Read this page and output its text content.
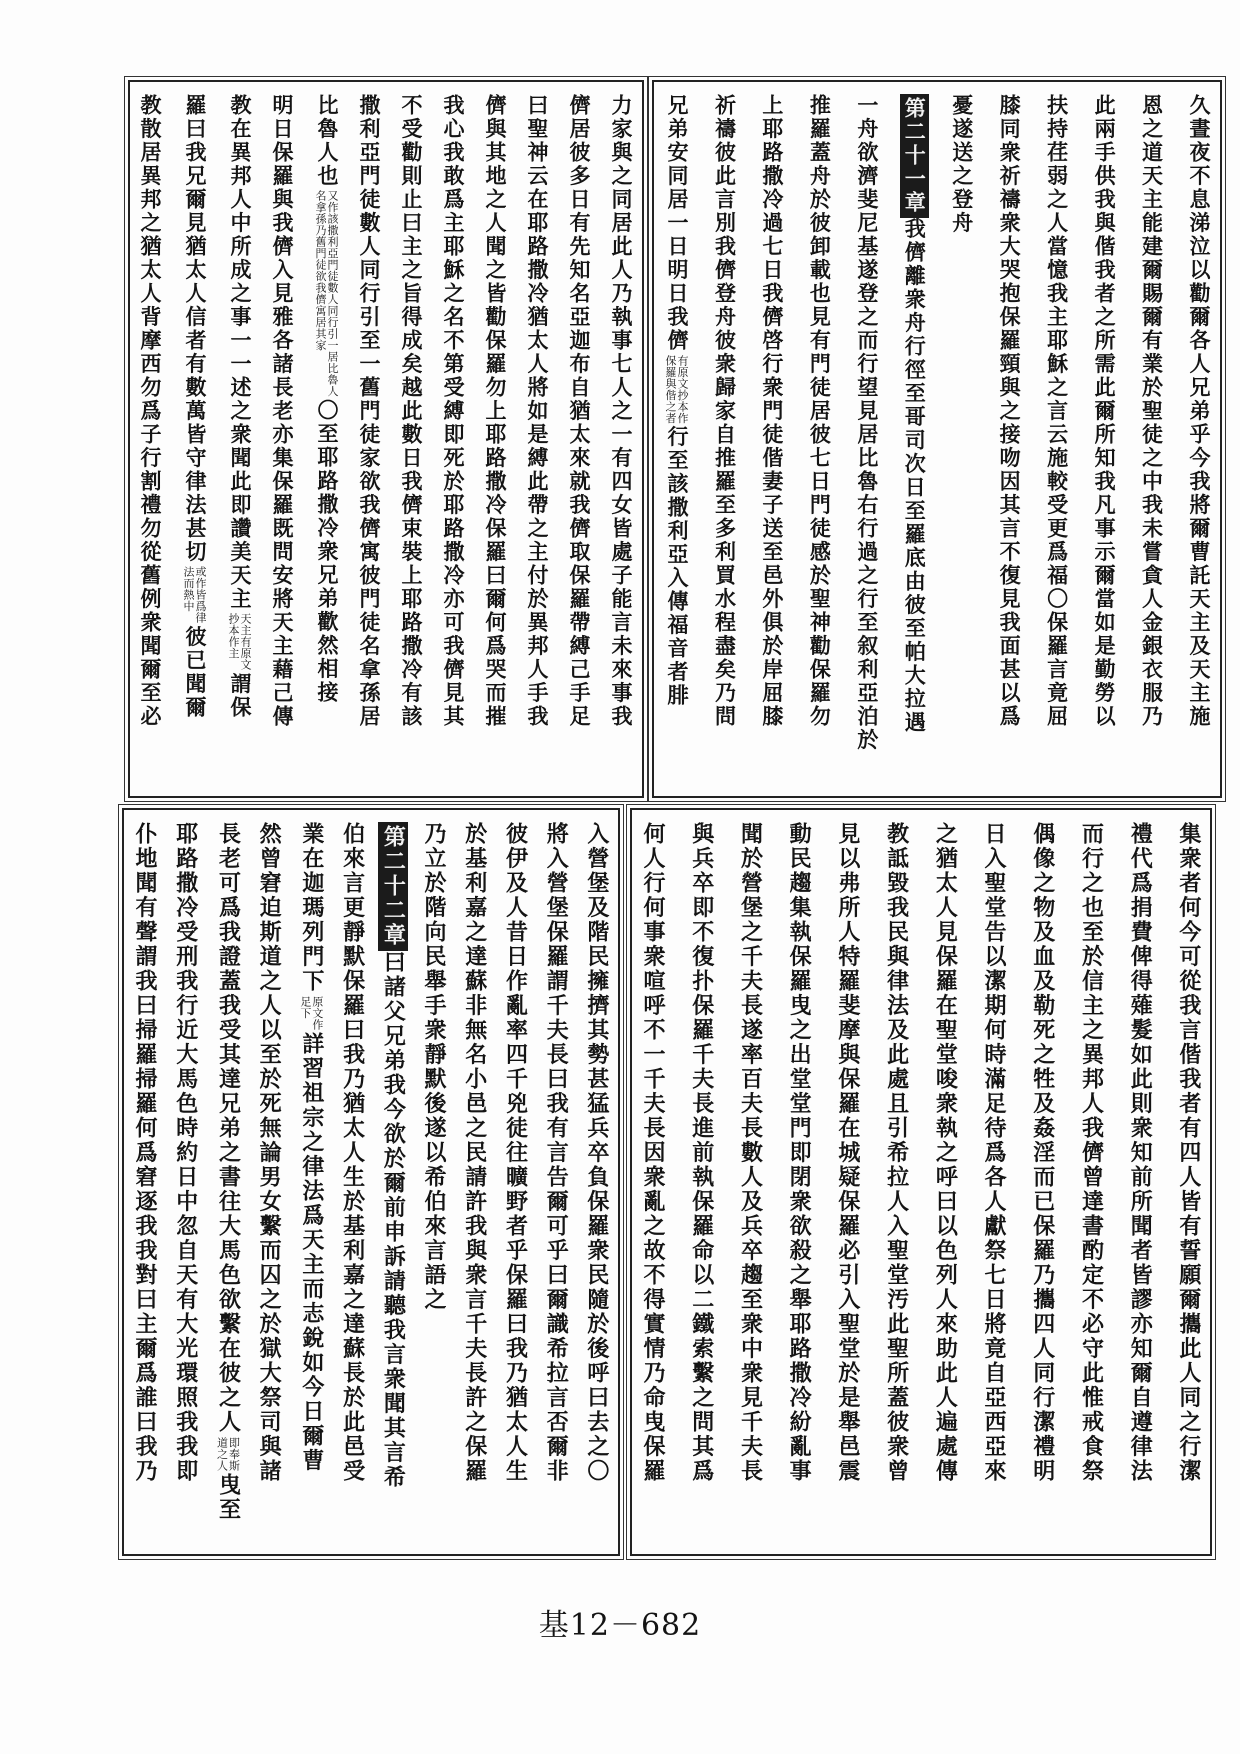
久晝夜不息涕泣以勸爾各人兄弟乎今我將爾曹託天主及天主施
恩之道天主能建爾賜爾有業於聖徒之中我未嘗貪人金銀衣服乃
此兩手供我與偕我者之所需此爾所知我凡事示爾當如是勤勞以
扶持荏弱之人當憶我主耶穌之言云施較受更爲福〇保羅言竟屈
膝同衆祈禱衆大哭抱保羅頸與之接吻因其言不復見我面甚以爲
憂遂送之登舟
第二十一章我儕離衆舟行徑至哥司次日至羅底由彼至帕大拉遇
一舟欲濟斐尼基遂登之而行望見居比魯右行過之行至叙利亞泊於
推羅蓋舟於彼卸載也見有門徒居彼七日門徒感於聖神勸保羅勿
上耶路撒冷過七日我儕啓行衆門徒偕妻子送至邑外俱於岸屈膝
祈禱彼此言別我儕登舟彼衆歸家自推羅至多利買水程盡矣乃問
兄弟安同居一日明日我儕
有原文抄本作
保羅與偕之者
行至該撒利亞入傳福音者腓
力家與之同居此人乃執事七人之一有四女皆處子能言未來事我
儕居彼多日有先知名亞迦布自猶太來就我儕取保羅帶縛己手足
曰聖神云在耶路撒冷猶太人將如是縛此帶之主付於異邦人手我
儕與其地之人聞之皆勸保羅勿上耶路撒冷保羅曰爾何爲哭而摧
我心我敢爲主耶穌之名不第受縛即死於耶路撒冷亦可我儕見其
不受勸則止曰主之旨得成矣越此數日我儕束裝上耶路撒冷有該
撒利亞門徒數人同行引至一舊門徒家欲我儕寓彼門徒名拿孫居
比魯人也
又作該撒利亞門徒數人同行引一居比魯人
名拿孫乃舊門徒欲我儕寓居其家
〇至耶路撒冷衆兄弟歡然相接
明日保羅與我儕入見雅各諸長老亦集保羅既問安將天主藉己傳
教在異邦人中所成之事一一述之衆聞此即讚美天主
天主有原文
抄本作主
謂保
羅曰我兄爾見猶太人信者有數萬皆守律法甚切
或作皆爲律
法而熱中
彼已聞爾
教散居異邦之猶太人背摩西勿爲子行割禮勿從舊例衆聞爾至必
集衆者何今可從我言偕我者有四人皆有誓願爾攜此人同之行潔
禮代爲捐費俾得薙髮如此則衆知前所聞者皆謬亦知爾自遵律法
而行之也至於信主之異邦人我儕曾達書酌定不必守此惟戒食祭
偶像之物及血及勒死之牲及姦淫而已保羅乃攜四人同行潔禮明
日入聖堂告以潔期何時滿足待爲各人獻祭七日將竟自亞西亞來
之猶太人見保羅在聖堂唆衆執之呼曰以色列人來助此人遍處傳
教詆毀我民與律法及此處且引希拉人入聖堂汚此聖所蓋彼衆曾
見以弗所人特羅斐摩與保羅在城疑保羅必引入聖堂於是舉邑震
動民趨集執保羅曳之出堂堂門即閉衆欲殺之舉耶路撒冷紛亂事
聞於營堡之千夫長遂率百夫長數人及兵卒趨至衆中衆見千夫長
與兵卒即不復扑保羅千夫長進前執保羅命以二鐵索繫之問其爲
何人行何事衆喧呼不一千夫長因衆亂之故不得實情乃命曳保羅
入營堡及階民擁擠其勢甚猛兵卒負保羅衆民隨於後呼曰去之〇
將入營堡保羅謂千夫長曰我有言告爾可乎曰爾識希拉言否爾非
彼伊及人昔日作亂率四千兇徒往曠野者乎保羅曰我乃猶太人生
於基利嘉之達蘇非無名小邑之民請許我與衆言千夫長許之保羅
乃立於階向民舉手衆靜默後遂以希伯來言語之
第二十二章曰諸父兄弟我今欲於爾前申訴請聽我言衆聞其言希
伯來言更靜默保羅曰我乃猶太人生於基利嘉之達蘇長於此邑受
業在迦瑪列門下
原文作
足下
詳習祖宗之律法爲天主而志銳如今日爾曹
然曾窘迫斯道之人以至於死無論男女繫而囚之於獄大祭司與諸
長老可爲我證蓋我受其達兄弟之書往大馬色欲繫在彼之人
即奉斯
道之人
曳至
耶路撒冷受刑我行近大馬色時約日中忽自天有大光環照我我即
仆地聞有聲謂我曰掃羅掃羅何爲窘逐我我對曰主爾爲誰曰我乃
基12－682
